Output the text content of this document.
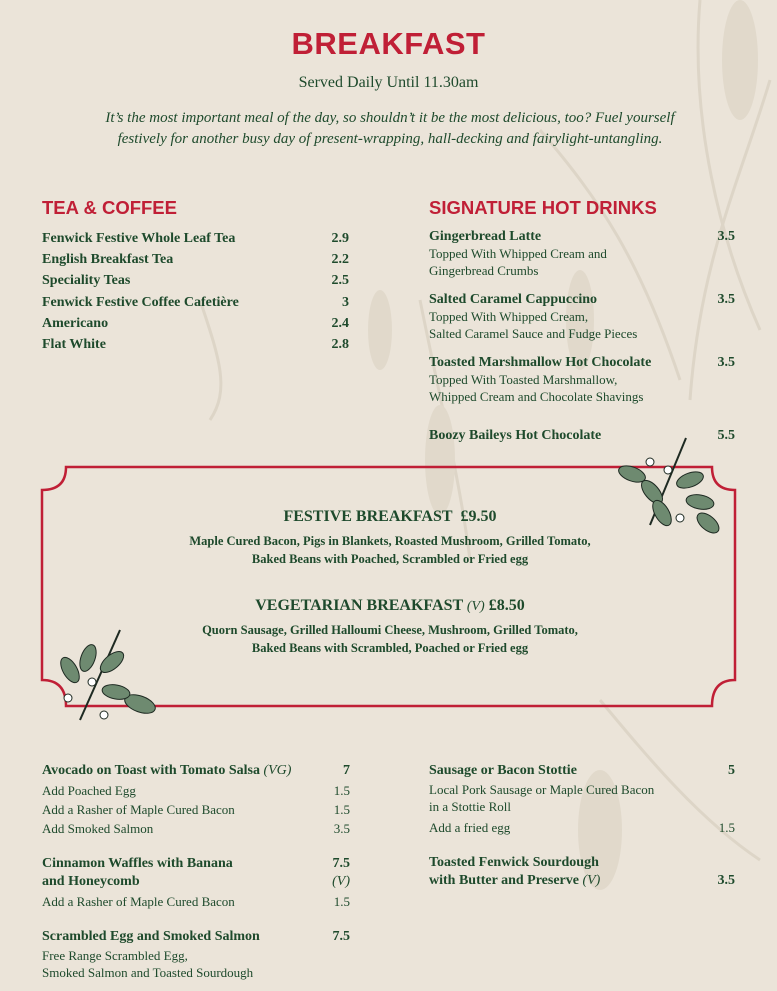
BREAKFAST
Served Daily Until 11.30am
It’s the most important meal of the day, so shouldn’t it be the most delicious, too? Fuel yourself festively for another busy day of present-wrapping, hall-decking and fairylight-untangling.
TEA & COFFEE
Fenwick Festive Whole Leaf Tea	2.9
English Breakfast Tea	2.2
Speciality Teas	2.5
Fenwick Festive Coffee Cafetière	3
Americano	2.4
Flat White	2.8
SIGNATURE HOT DRINKS
Gingerbread Latte	3.5
Topped With Whipped Cream and
Gingerbread Crumbs
Salted Caramel Cappuccino	3.5
Topped With Whipped Cream,
Salted Caramel Sauce and Fudge Pieces
Toasted Marshmallow Hot Chocolate	3.5
Topped With Toasted Marshmallow,
Whipped Cream and Chocolate Shavings
Boozy Baileys Hot Chocolate	5.5
FESTIVE BREAKFAST £9.50
Maple Cured Bacon, Pigs in Blankets, Roasted Mushroom, Grilled Tomato,
Baked Beans with Poached, Scrambled or Fried egg
VEGETARIAN BREAKFAST (V) £8.50
Quorn Sausage, Grilled Halloumi Cheese, Mushroom, Grilled Tomato,
Baked Beans with Scrambled, Poached or Fried egg
Avocado on Toast with Tomato Salsa (VG)	7
Add Poached Egg	1.5
Add a Rasher of Maple Cured Bacon	1.5
Add Smoked Salmon	3.5
Cinnamon Waffles with Banana	7.5
and Honeycomb	(V)
Add a Rasher of Maple Cured Bacon	1.5
Scrambled Egg and Smoked Salmon	7.5
Free Range Scrambled Egg,
Smoked Salmon and Toasted Sourdough
Sausage or Bacon Stottie	5
Local Pork Sausage or Maple Cured Bacon
in a Stottie Roll
Add a fried egg	1.5
Toasted Fenwick Sourdough
with Butter and Preserve (V)	3.5
